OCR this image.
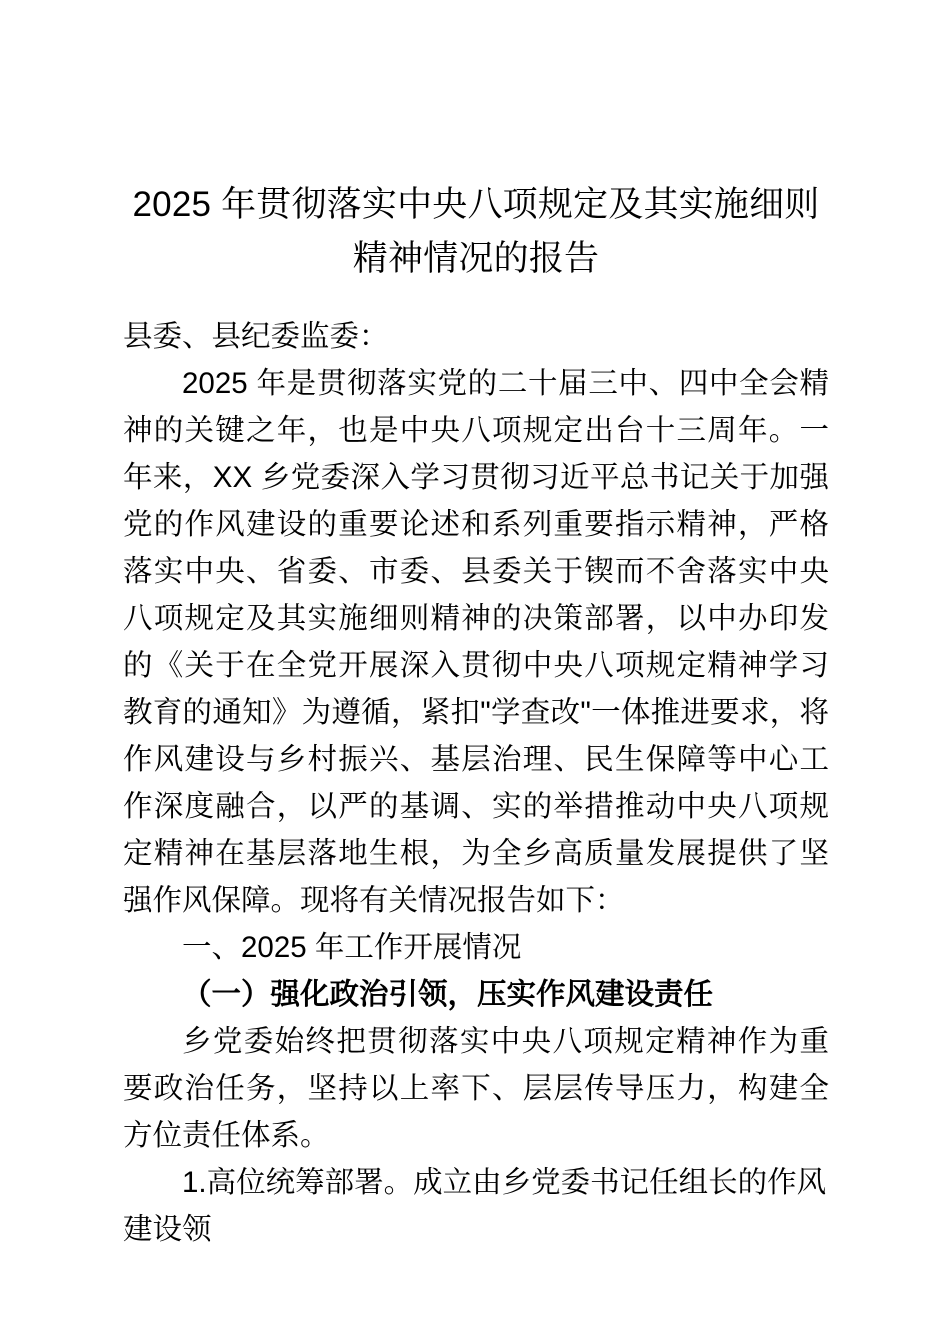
2025 年贯彻落实中央八项规定及其实施细则
精神情况的报告

县委、县纪委监委：

2025 年是贯彻落实党的二十届三中、四中全会精神的关键之年，也是中央八项规定出台十三周年。一年来，XX 乡党委深入学习贯彻习近平总书记关于加强党的作风建设的重要论述和系列重要指示精神，严格落实中央、省委、市委、县委关于锲而不舍落实中央八项规定及其实施细则精神的决策部署，以中办印发的《关于在全党开展深入贯彻中央八项规定精神学习教育的通知》为遵循，紧扣"学查改"一体推进要求，将作风建设与乡村振兴、基层治理、民生保障等中心工作深度融合，以严的基调、实的举措推动中央八项规定精神在基层落地生根，为全乡高质量发展提供了坚强作风保障。现将有关情况报告如下：

一、2025 年工作开展情况

（一）强化政治引领，压实作风建设责任

乡党委始终把贯彻落实中央八项规定精神作为重要政治任务，坚持以上率下、层层传导压力，构建全方位责任体系。

1.高位统筹部署。成立由乡党委书记任组长的作风建设领
